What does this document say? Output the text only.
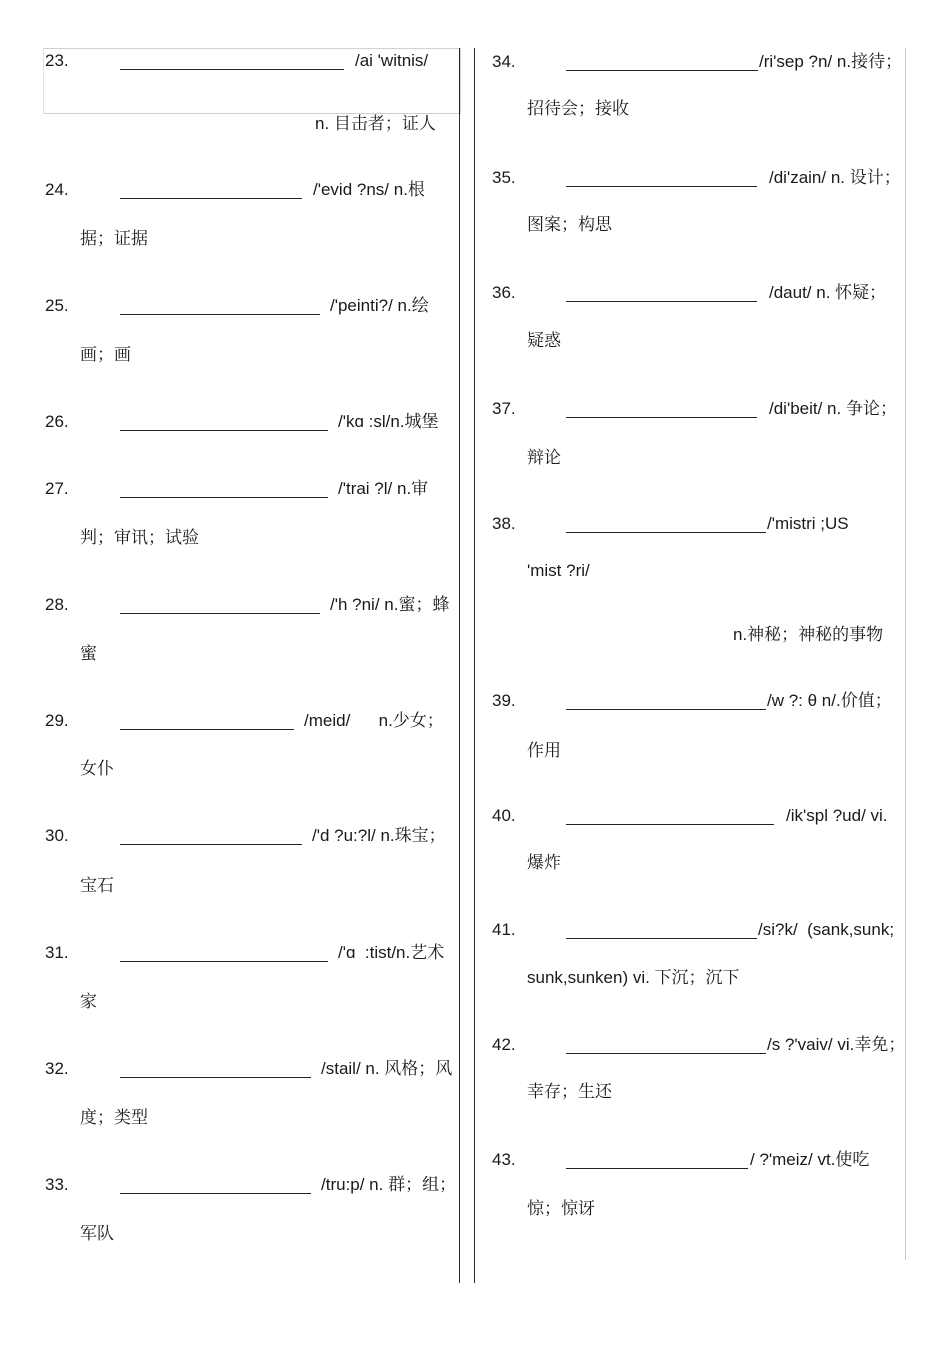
23.	/ai 'witnis/
n. 目击者；证人
24.	/'evid ?ns/ n.根
据；证据
25.	/'peinti?/ n.绘
画；画
26.	/'kɑ :sl/n.城堡
27.	/'trai ?l/ n.审
判；审讯；试验
28.	/'h ?ni/ n.蜜；蜂
蜜
29.	/meid/      n.少女；
女仆
30.	/'d ?u:?l/ n.珠宝；
宝石
31.	/'ɑ  :tist/n.艺术
家
32.	/stail/ n. 风格；风
度；类型
33.	/tru:p/ n. 群；组；
军队
34.	/ri'sep ?n/ n.接待；
招待会；接收
35.	/di'zain/ n. 设计；
图案；构思
36.	/daut/ n. 怀疑；
疑惑
37.	/di'beit/ n. 争论；
辩论
38.	/'mistri ;US
'mist ?ri/
n.神秘；神秘的事物
39.	/w ?: θ n/.价值；
作用
40.	/ik'spl ?ud/ vi.
爆炸
41.	/si?k/  (sank,sunk;
sunk,sunken) vi. 下沉；沉下
42.	/s ?'vaiv/ vi.幸免；
幸存；生还
43.	/ ?'meiz/ vt.使吃
惊；惊讶
